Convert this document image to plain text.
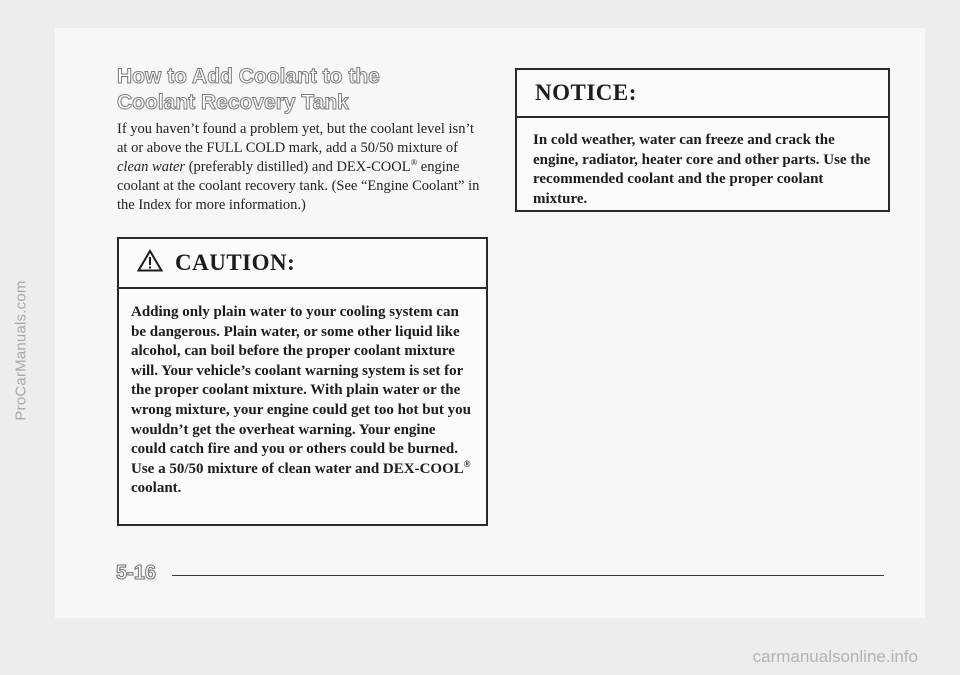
ProCarManuals.com
How to Add Coolant to the Coolant Recovery Tank

If you haven’t found a problem yet, but the coolant level isn’t at or above the FULL COLD mark, add a 50/50 mixture of clean water (preferably distilled) and DEX-COOL® engine coolant at the coolant recovery tank. (See “Engine Coolant” in the Index for more information.)

CAUTION:

Adding only plain water to your cooling system can be dangerous. Plain water, or some other liquid like alcohol, can boil before the proper coolant mixture will. Your vehicle’s coolant warning system is set for the proper coolant mixture. With plain water or the wrong mixture, your engine could get too hot but you wouldn’t get the overheat warning. Your engine could catch fire and you or others could be burned. Use a 50/50 mixture of clean water and DEX-COOL® coolant.

NOTICE:

In cold weather, water can freeze and crack the engine, radiator, heater core and other parts. Use the recommended coolant and the proper coolant mixture.

5-16
carmanualsonline.info
